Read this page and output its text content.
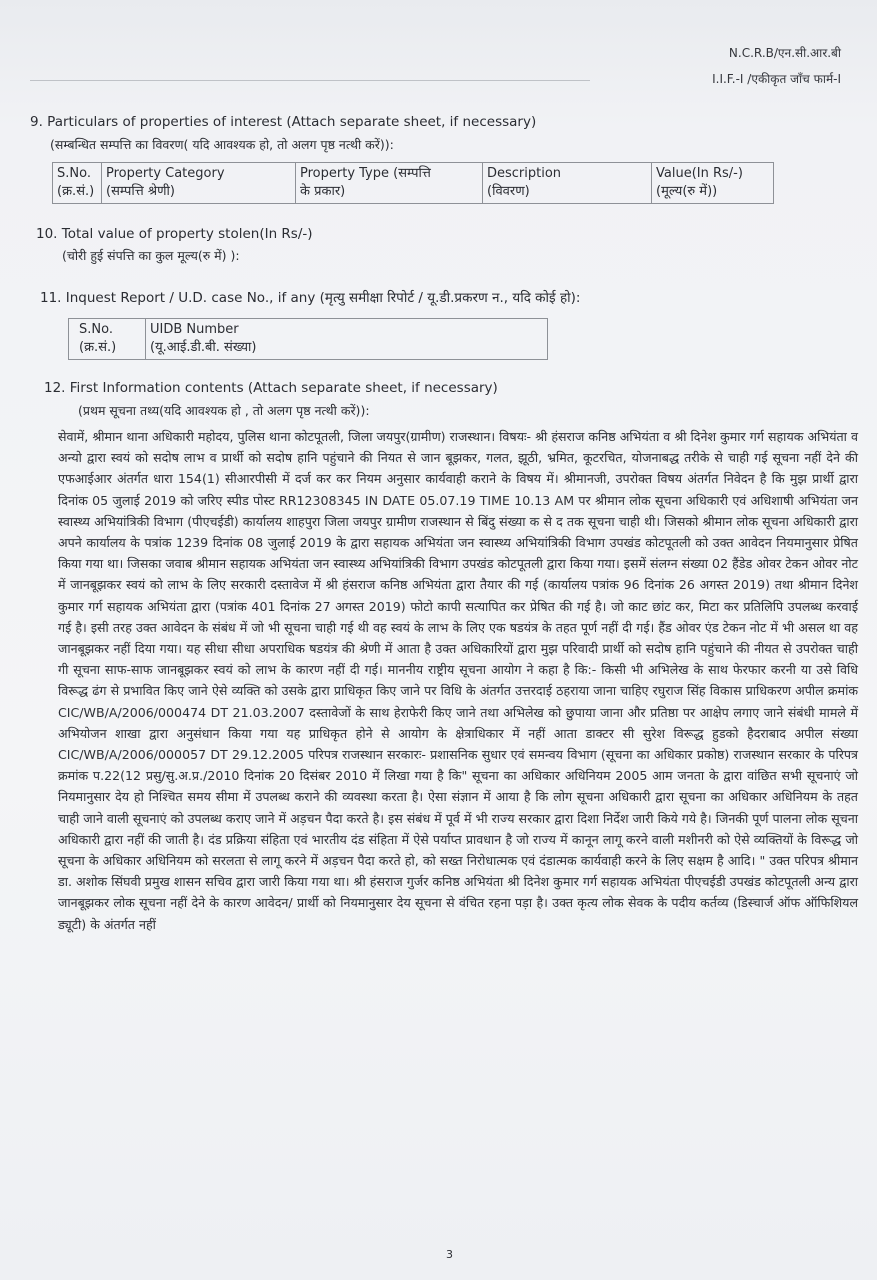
N.C.R.B/एन.सी.आर.बी
I.I.F.-I /एकीकृत जाँच फार्म-I
9. Particulars of properties of interest (Attach separate sheet, if necessary)
(सम्बन्धित सम्पत्ति का विवरण( यदि आवश्यक हो, तो अलग पृष्ठ नत्थी करें)):
S.No.
(क्र.सं.)

Property Category
(सम्पत्ति श्रेणी)

Property Type (सम्पत्ति
के प्रकार)

Description
(विवरण)

Value(In Rs/-)
(मूल्य(रु में))
10. Total value of property stolen(In Rs/-)
(चोरी हुई संपत्ति का कुल मूल्य(रु में) ):
11. Inquest Report / U.D. case No., if any (मृत्यु समीक्षा रिपोर्ट / यू.डी.प्रकरण न., यदि कोई हो):
S.No.
(क्र.सं.)

UIDB Number
(यू.आई.डी.बी. संख्या)
12. First Information contents (Attach separate sheet, if necessary)
(प्रथम सूचना तथ्य(यदि आवश्यक हो , तो अलग पृष्ठ नत्थी करें)):
सेवामें, श्रीमान थाना अधिकारी महोदय, पुलिस थाना कोटपूतली, जिला जयपुर(ग्रामीण) राजस्थान। विषयः- श्री हंसराज कनिष्ठ अभियंता व श्री दिनेश कुमार गर्ग सहायक अभियंता व अन्यो द्वारा स्वयं को सदोष लाभ व प्रार्थी को सदोष हानि पहुंचाने की नियत से जान बूझकर, गलत, झूठी, भ्रमित, कूटरचित, योजनाबद्ध तरीके से चाही गई सूचना नहीं देने की एफआईआर अंतर्गत धारा 154(1) सीआरपीसी में दर्ज कर कर नियम अनुसार कार्यवाही कराने के विषय में। श्रीमानजी, उपरोक्त विषय अंतर्गत निवेदन है कि मुझ प्रार्थी द्वारा दिनांक 05 जुलाई 2019 को जरिए स्पीड पोस्ट RR12308345 IN DATE 05.07.19 TIME 10.13 AM पर श्रीमान लोक सूचना अधिकारी एवं अधिशाषी अभियंता जन स्वास्थ्य अभियांत्रिकी विभाग (पीएचईडी) कार्यालय शाहपुरा जिला जयपुर ग्रामीण राजस्थान से बिंदु संख्या क से द तक सूचना चाही थी। जिसको श्रीमान लोक सूचना अधिकारी द्वारा अपने कार्यालय के पत्रांक 1239 दिनांक 08 जुलाई 2019 के द्वारा सहायक अभियंता जन स्वास्थ्य अभियांत्रिकी विभाग उपखंड कोटपूतली को उक्त आवेदन नियमानुसार प्रेषित किया गया था। जिसका जवाब श्रीमान सहायक अभियंता जन स्वास्थ्य अभियांत्रिकी विभाग उपखंड कोटपूतली द्वारा किया गया। इसमें संलग्न संख्या 02 हैंडेड ओवर टेकन ओवर नोट में जानबूझकर स्वयं को लाभ के लिए सरकारी दस्तावेज में श्री हंसराज कनिष्ठ अभियंता द्वारा तैयार की गई (कार्यालय पत्रांक 96 दिनांक 26 अगस्त 2019) तथा श्रीमान दिनेश कुमार गर्ग सहायक अभियंता द्वारा (पत्रांक 401 दिनांक 27 अगस्त 2019) फोटो कापी सत्यापित कर प्रेषित की गई है। जो काट छांट कर, मिटा कर प्रतिलिपि उपलब्ध करवाई गई है। इसी तरह उक्त आवेदन के संबंध में जो भी सूचना चाही गई थी वह स्वयं के लाभ के लिए एक षडयंत्र के तहत पूर्ण नहीं दी गई। हैंड ओवर एंड टेकन नोट में भी असल था वह जानबूझकर नहीं दिया गया। यह सीधा सीधा अपराधिक षडयंत्र की श्रेणी में आता है उक्त अधिकारियों द्वारा मुझ परिवादी प्रार्थी को सदोष हानि पहुंचाने की नीयत से उपरोक्त चाही गी सूचना साफ-साफ जानबूझकर स्वयं को लाभ के कारण नहीं दी गई। माननीय राष्ट्रीय सूचना आयोग ने कहा है कि:- किसी भी अभिलेख के साथ फेरफार करनी या उसे विधि विरूद्ध ढंग से प्रभावित किए जाने ऐसे व्यक्ति को उसके द्वारा प्राधिकृत किए जाने पर विधि के अंतर्गत उत्तरदाई ठहराया जाना चाहिए रघुराज सिंह विकास प्राधिकरण अपील क्रमांक CIC/WB/A/2006/000474 DT 21.03.2007 दस्तावेजों के साथ हेराफेरी किए जाने तथा अभिलेख को छुपाया जाना और प्रतिष्ठा पर आक्षेप लगाए जाने संबंधी मामले में अभियोजन शाखा द्वारा अनुसंधान किया गया यह प्राधिकृत होने से आयोग के क्षेत्राधिकार में नहीं आता डाक्टर सी सुरेश विरूद्ध हुडको हैदराबाद अपील संख्या CIC/WB/A/2006/000057 DT 29.12.2005 परिपत्र राजस्थान सरकारः- प्रशासनिक सुधार एवं समन्वय विभाग (सूचना का अधिकार प्रकोष्ठ) राजस्थान सरकार के परिपत्र क्रमांक प.22(12 प्रसु/सु.अ.प्र./2010 दिनांक 20 दिसंबर 2010 में लिखा गया है कि" सूचना का अधिकार अधिनियम 2005 आम जनता के द्वारा वांछित सभी सूचनाएं जो नियमानुसार देय हो निश्चित समय सीमा में उपलब्ध कराने की व्यवस्था करता है। ऐसा संज्ञान में आया है कि लोग सूचना अधिकारी द्वारा सूचना का अधिकार अधिनियम के तहत चाही जाने वाली सूचनाएं को उपलब्ध कराए जाने में अड़चन पैदा करते है। इस संबंध में पूर्व में भी राज्य सरकार द्वारा दिशा निर्देश जारी किये गये है। जिनकी पूर्ण पालना लोक सूचना अधिकारी द्वारा नहीं की जाती है। दंड प्रक्रिया संहिता एवं भारतीय दंड संहिता में ऐसे पर्याप्त प्रावधान है जो राज्य में कानून लागू करने वाली मशीनरी को ऐसे व्यक्तियों के विरूद्ध जो सूचना के अधिकार अधिनियम को सरलता से लागू करने में अड़चन पैदा करते हो, को सख्त निरोधात्मक एवं दंडात्मक कार्यवाही करने के लिए सक्षम है आदि। " उक्त परिपत्र श्रीमान डा. अशोक सिंघवी प्रमुख शासन सचिव द्वारा जारी किया गया था। श्री हंसराज गुर्जर कनिष्ठ अभियंता श्री दिनेश कुमार गर्ग सहायक अभियंता पीएचईडी उपखंड कोटपूतली अन्य द्वारा जानबूझकर लोक सूचना नहीं देने के कारण आवेदन/ प्रार्थी को नियमानुसार देय सूचना से वंचित रहना पड़ा है। उक्त कृत्य लोक सेवक के पदीय कर्तव्य (डिस्चार्ज ऑफ ऑफिशियल ड्यूटी) के अंतर्गत नहीं
3
